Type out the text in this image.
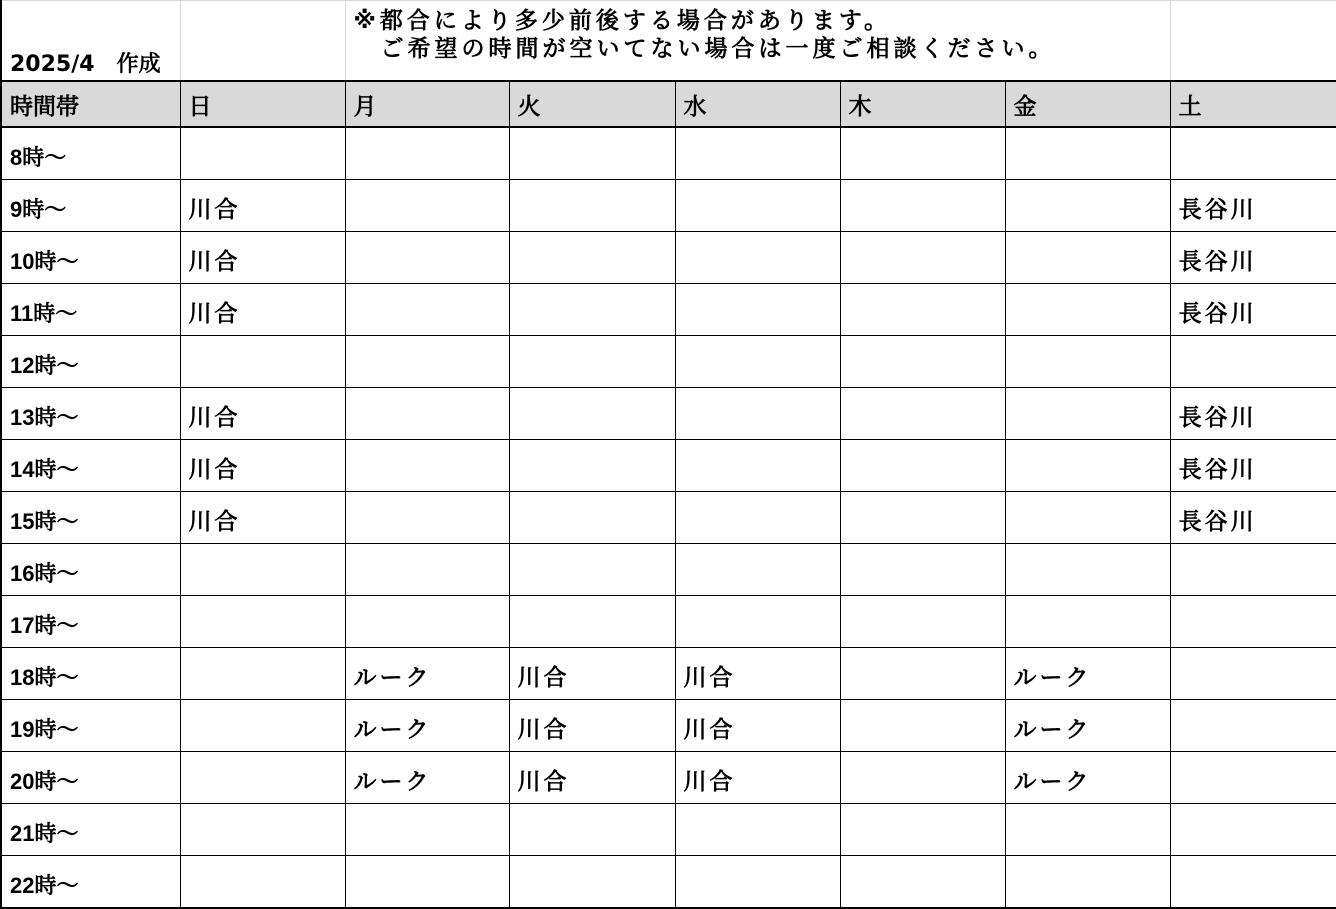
2025/4　作成		※都合により多少前後する場合があります。
　ご希望の時間が空いてない場合は一度ご相談ください。					

時間帯	日	月	火	水	木	金	土
8時～							
9時～	川合						長谷川
10時～	川合						長谷川
11時～	川合						長谷川
12時～							
13時～	川合						長谷川
14時～	川合						長谷川
15時～	川合						長谷川
16時～							
17時～							
18時～		ルーク	川合	川合		ルーク	
19時～		ルーク	川合	川合		ルーク	
20時～		ルーク	川合	川合		ルーク	
21時～							
22時～							
